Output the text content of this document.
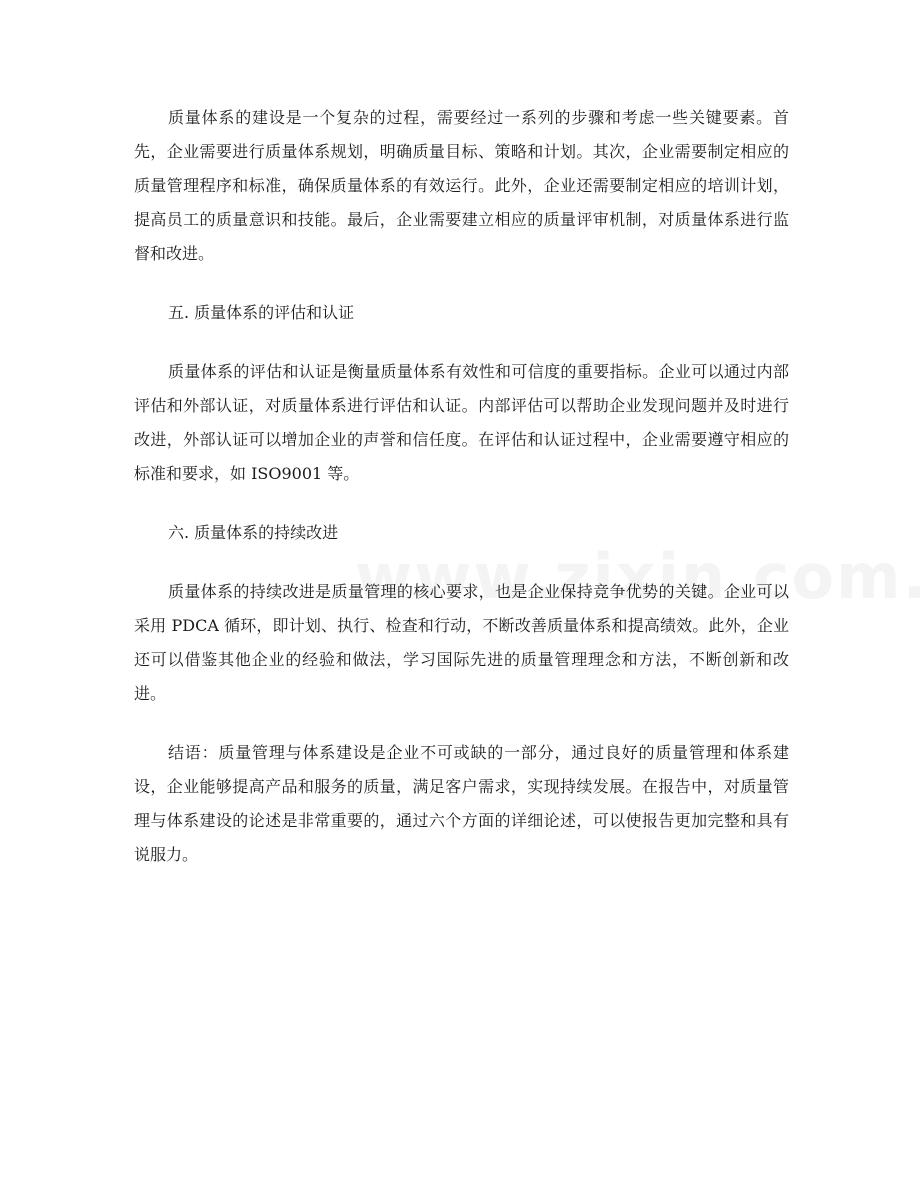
质量体系的建设是一个复杂的过程，需要经过一系列的步骤和考虑一些关键要素。首先，企业需要进行质量体系规划，明确质量目标、策略和计划。其次，企业需要制定相应的质量管理程序和标准，确保质量体系的有效运行。此外，企业还需要制定相应的培训计划，提高员工的质量意识和技能。最后，企业需要建立相应的质量评审机制，对质量体系进行监督和改进。

五. 质量体系的评估和认证

质量体系的评估和认证是衡量质量体系有效性和可信度的重要指标。企业可以通过内部评估和外部认证，对质量体系进行评估和认证。内部评估可以帮助企业发现问题并及时进行改进，外部认证可以增加企业的声誉和信任度。在评估和认证过程中，企业需要遵守相应的标准和要求，如 ISO9001 等。

六. 质量体系的持续改进

质量体系的持续改进是质量管理的核心要求，也是企业保持竞争优势的关键。企业可以采用 PDCA 循环，即计划、执行、检查和行动，不断改善质量体系和提高绩效。此外，企业还可以借鉴其他企业的经验和做法，学习国际先进的质量管理理念和方法，不断创新和改进。

结语：质量管理与体系建设是企业不可或缺的一部分，通过良好的质量管理和体系建设，企业能够提高产品和服务的质量，满足客户需求，实现持续发展。在报告中，对质量管理与体系建设的论述是非常重要的，通过六个方面的详细论述，可以使报告更加完整和具有说服力。
